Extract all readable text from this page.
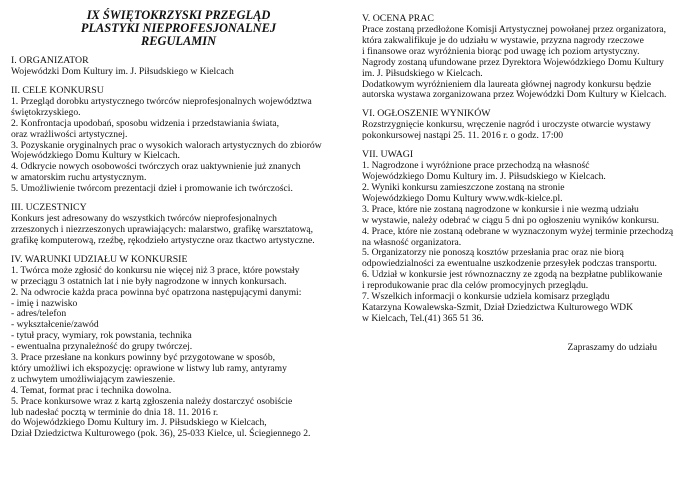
IX ŚWIĘTOKRZYSKI PRZEGLĄD
PLASTYKI NIEPROFESJONALNEJ
REGULAMIN
I. ORGANIZATOR
Wojewódzki Dom Kultury im. J. Piłsudskiego w Kielcach
II. CELE KONKURSU
1. Przegląd dorobku artystycznego twórców nieprofesjonalnych województwa
świętokrzyskiego.
2. Konfrontacja upodobań, sposobu widzenia i przedstawiania świata,
oraz wrażliwości artystycznej.
3. Pozyskanie oryginalnych prac o wysokich walorach artystycznych do zbiorów
Wojewódzkiego Domu Kultury w Kielcach.
4. Odkrycie nowych osobowości twórczych oraz uaktywnienie już znanych
w amatorskim ruchu artystycznym.
5. Umożliwienie twórcom prezentacji dzieł i promowanie ich twórczości.
III. UCZESTNICY
Konkurs jest adresowany do wszystkich twórców nieprofesjonalnych
zrzeszonych i niezrzeszonych uprawiających: malarstwo, grafikę warsztatową,
grafikę komputerową, rzeźbę, rękodzieło artystyczne oraz tkactwo artystyczne.
IV. WARUNKI UDZIAŁU W KONKURSIE
1. Twórca może zgłosić do konkursu nie więcej niż 3 prace, które powstały
w przeciągu 3 ostatnich lat i nie były nagrodzone w innych konkursach.
2. Na odwrocie każda praca powinna być opatrzona następującymi danymi:
- imię i nazwisko
- adres/telefon
- wykształcenie/zawód
- tytuł pracy, wymiary, rok powstania, technika
- ewentualna przynależność do grupy twórczej.
3. Prace przesłane na konkurs powinny być przygotowane w sposób,
który umożliwi ich ekspozycję: oprawione w listwy lub ramy, antyramy
z uchwytem umożliwiającym zawieszenie.
4. Temat, format prac i technika dowolna.
5. Prace konkursowe wraz z kartą zgłoszenia należy dostarczyć osobiście
lub nadesłać pocztą w terminie do dnia 18. 11. 2016 r.
do Wojewódzkiego Domu Kultury im. J. Piłsudskiego w Kielcach,
Dział Dziedzictwa Kulturowego (pok. 36), 25-033 Kielce, ul. Ściegiennego 2.
V. OCENA PRAC
Prace zostaną przedłożone Komisji Artystycznej powołanej przez organizatora,
która zakwalifikuje je do udziału w wystawie, przyzna nagrody rzeczowe
i finansowe oraz wyróżnienia biorąc pod uwagę ich poziom artystyczny.
Nagrody zostaną ufundowane przez Dyrektora Wojewódzkiego Domu Kultury
im. J. Piłsudskiego w Kielcach.
Dodatkowym wyróżnieniem dla laureata głównej nagrody konkursu będzie
autorska wystawa zorganizowana przez Wojewódzki Dom Kultury w Kielcach.
VI. OGŁOSZENIE WYNIKÓW
Rozstrzygnięcie konkursu, wręczenie nagród i uroczyste otwarcie wystawy
pokonkursowej nastąpi 25. 11. 2016 r. o godz. 17:00
VII. UWAGI
1. Nagrodzone i wyróżnione prace przechodzą na własność
Wojewódzkiego Domu Kultury im. J. Piłsudskiego w Kielcach.
2. Wyniki konkursu zamieszczone zostaną na stronie
Wojewódzkiego Domu Kultury www.wdk-kielce.pl.
3. Prace, które nie zostaną nagrodzone w konkursie i nie wezmą udziału
w wystawie, należy odebrać w ciągu 5 dni po ogłoszeniu wyników konkursu.
4. Prace, które nie zostaną odebrane w wyznaczonym wyżej terminie przechodzą
na własność organizatora.
5. Organizatorzy nie ponoszą kosztów przesłania prac oraz nie biorą
odpowiedzialności za ewentualne uszkodzenie przesyłek podczas transportu.
6. Udział w konkursie jest równoznaczny ze zgodą na bezpłatne publikowanie
i reprodukowanie prac dla celów promocyjnych przeglądu.
7. Wszelkich informacji o konkursie udziela komisarz przeglądu
Katarzyna Kowalewska-Szmit, Dział Dziedzictwa Kulturowego WDK
w Kielcach, Tel.(41) 365 51 36.
Zapraszamy do udziału
